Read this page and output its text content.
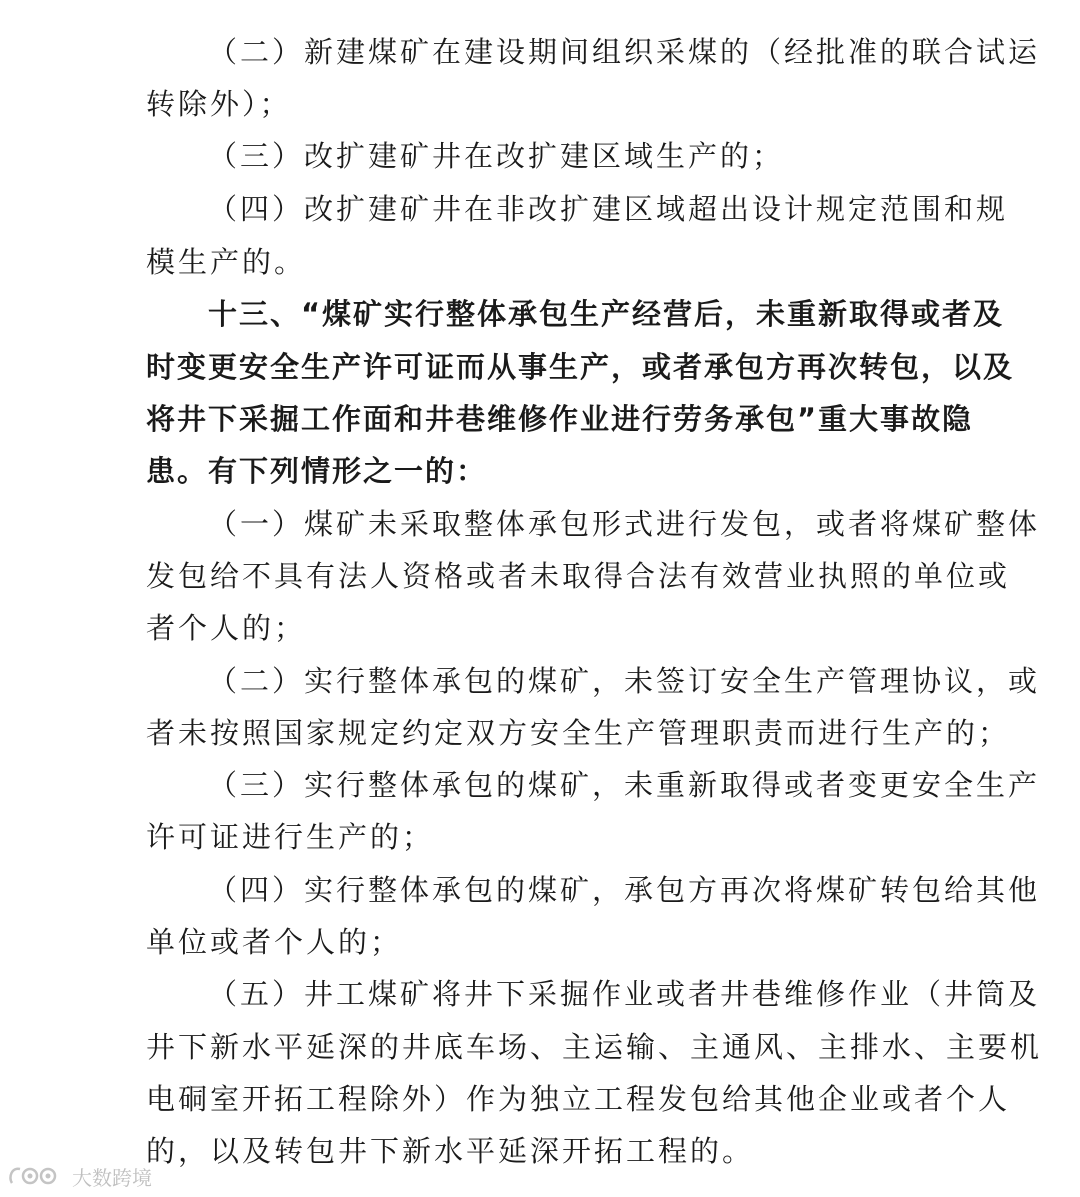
（二）新建煤矿在建设期间组织采煤的（经批准的联合试运
转除外）；
（三）改扩建矿井在改扩建区域生产的；
（四）改扩建矿井在非改扩建区域超出设计规定范围和规
模生产的。
十三、“煤矿实行整体承包生产经营后，未重新取得或者及
时变更安全生产许可证而从事生产，或者承包方再次转包，以及
将井下采掘工作面和井巷维修作业进行劳务承包”重大事故隐
患。有下列情形之一的：
（一）煤矿未采取整体承包形式进行发包，或者将煤矿整体
发包给不具有法人资格或者未取得合法有效营业执照的单位或
者个人的；
（二）实行整体承包的煤矿，未签订安全生产管理协议，或
者未按照国家规定约定双方安全生产管理职责而进行生产的；
（三）实行整体承包的煤矿，未重新取得或者变更安全生产
许可证进行生产的；
（四）实行整体承包的煤矿，承包方再次将煤矿转包给其他
单位或者个人的；
（五）井工煤矿将井下采掘作业或者井巷维修作业（井筒及
井下新水平延深的井底车场、主运输、主通风、主排水、主要机
电硐室开拓工程除外）作为独立工程发包给其他企业或者个人
的，以及转包井下新水平延深开拓工程的。
大数跨境
